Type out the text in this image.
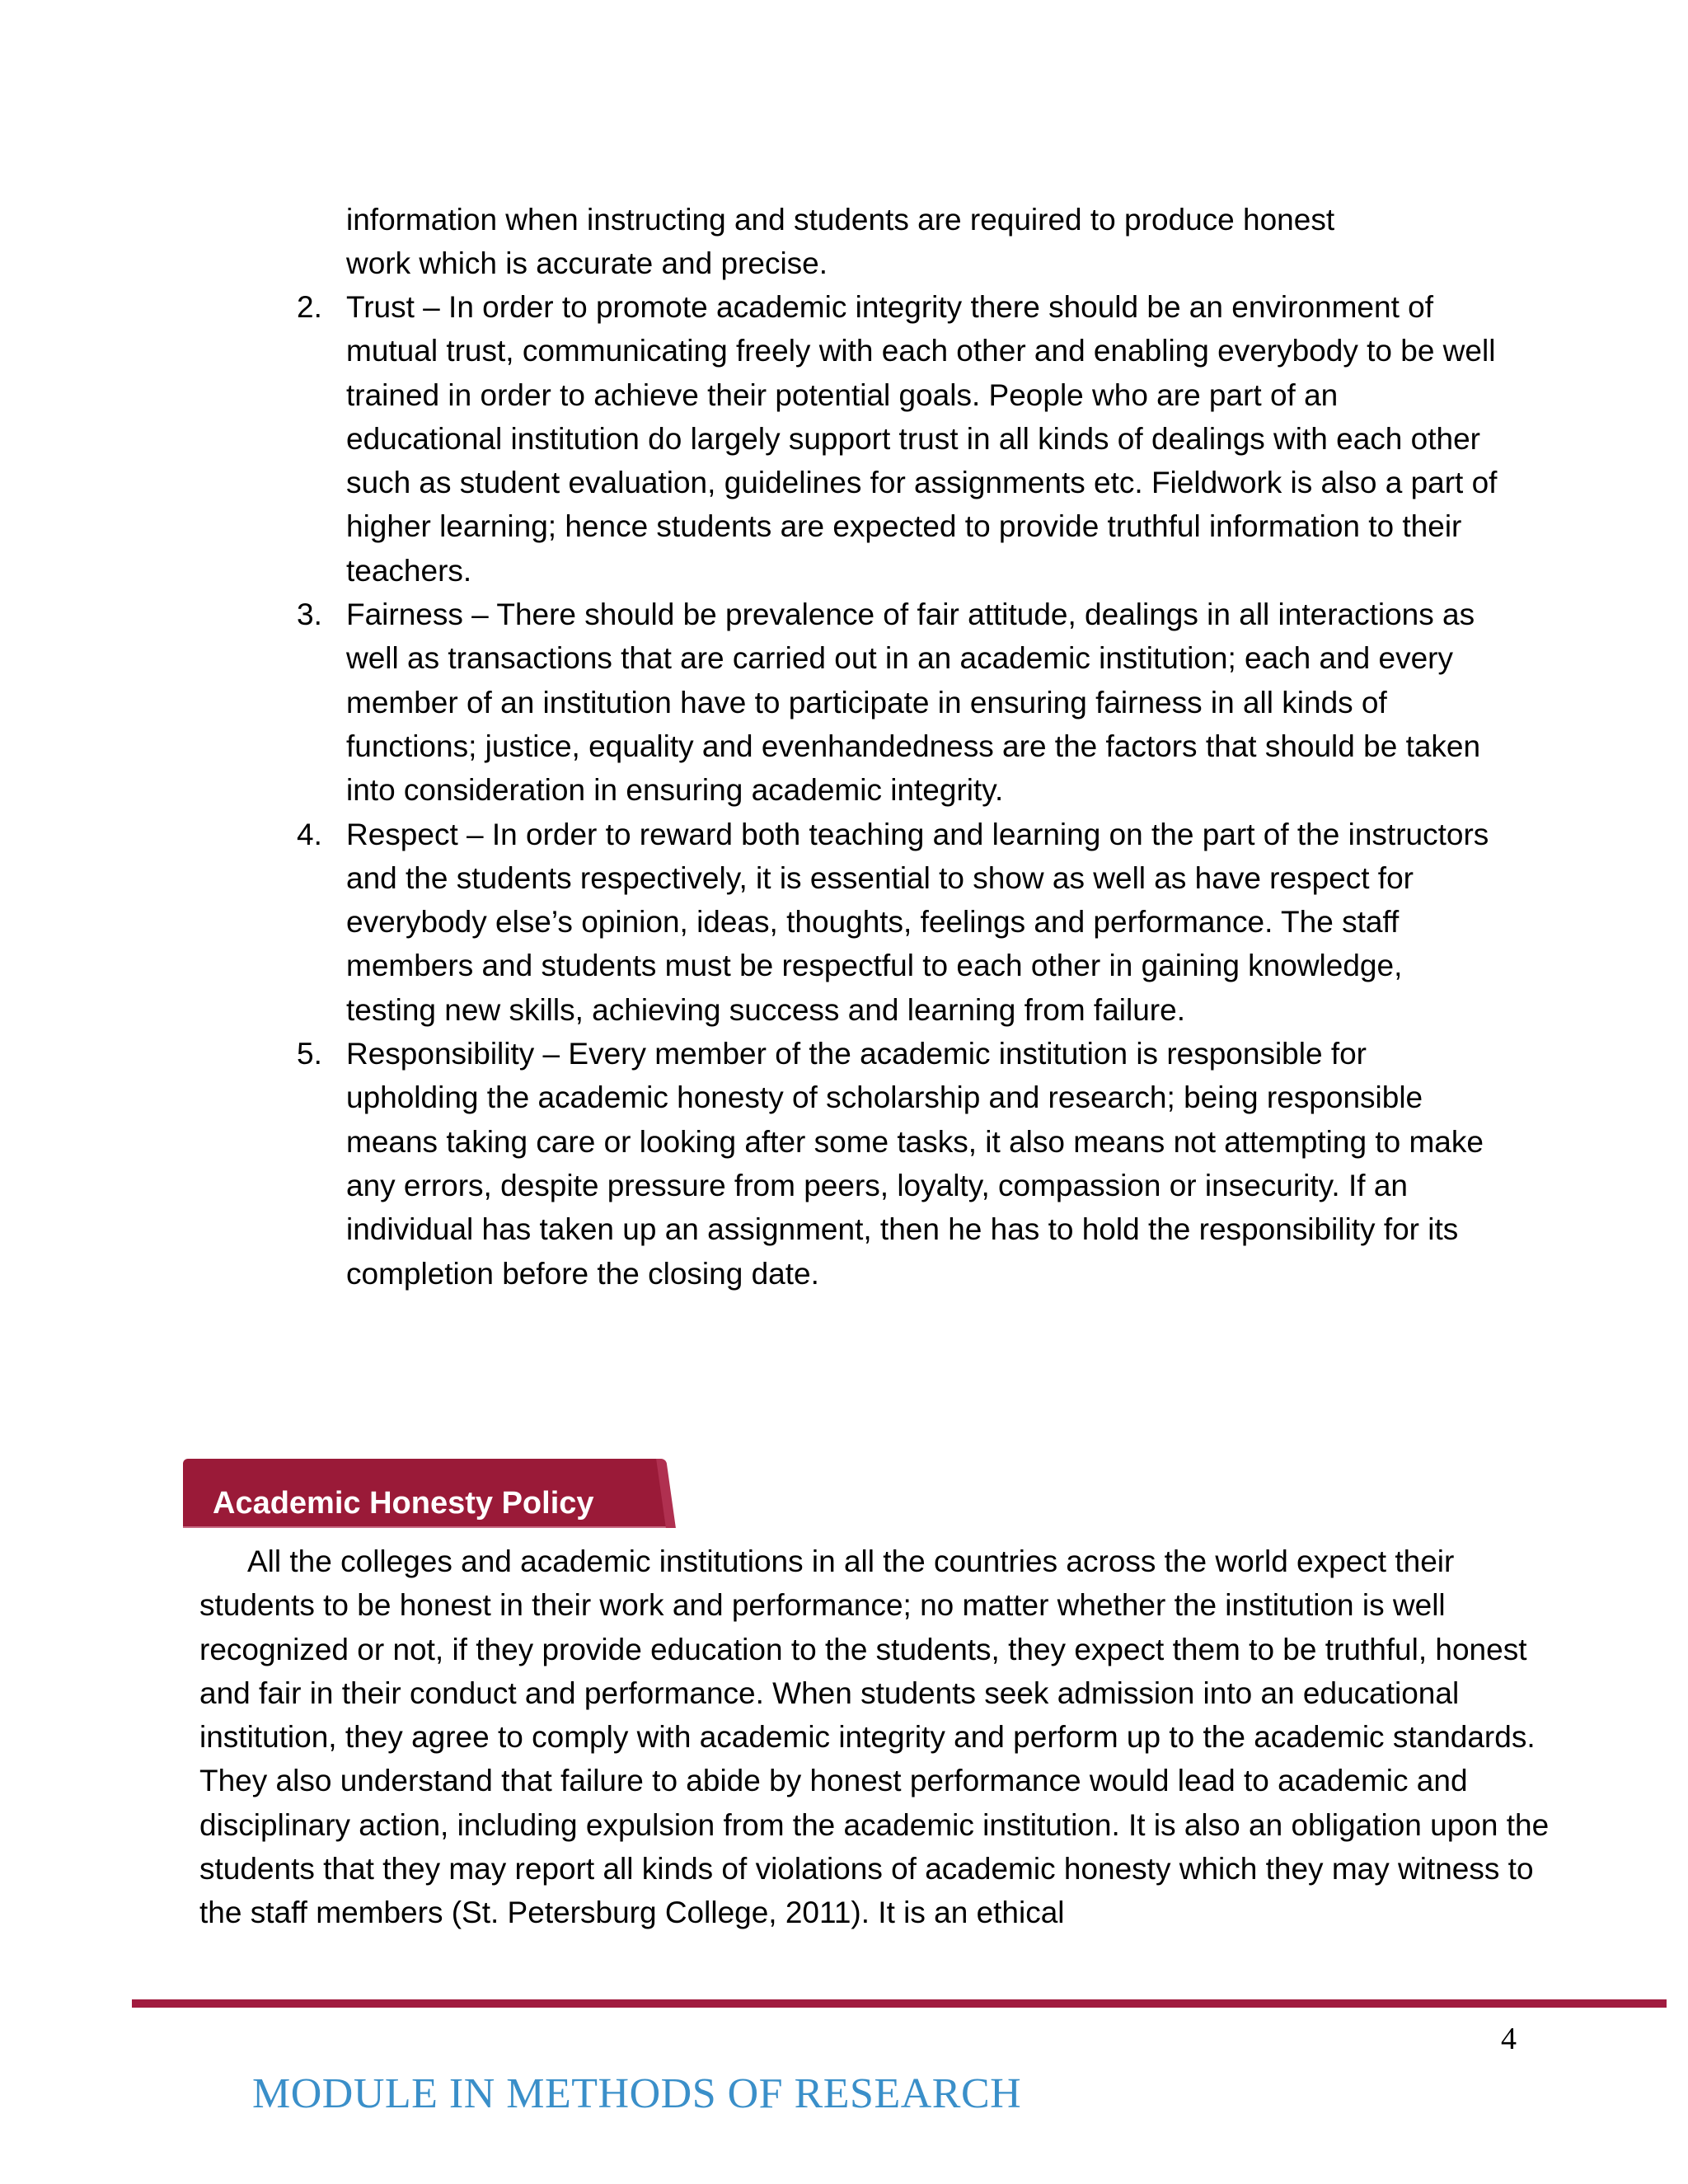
information when instructing and students are required to produce honest

work which is accurate and precise.

2. Trust – In order to promote academic integrity there should be an environment of mutual trust, communicating freely with each other and enabling everybody to be well trained in order to achieve their potential goals. People who are part of an educational institution do largely support trust in all kinds of dealings with each other such as student evaluation, guidelines for assignments etc. Fieldwork is also a part of higher learning; hence students are expected to provide truthful information to their teachers.
3. Fairness – There should be prevalence of fair attitude, dealings in all interactions as well as transactions that are carried out in an academic institution; each and every member of an institution have to participate in ensuring fairness in all kinds of functions; justice, equality and evenhandedness are the factors that should be taken into consideration in ensuring academic integrity.
4. Respect – In order to reward both teaching and learning on the part of the instructors and the students respectively, it is essential to show as well as have respect for everybody else’s opinion, ideas, thoughts, feelings and performance. The staff members and students must be respectful to each other in gaining knowledge, testing new skills, achieving success and learning from failure.
5. Responsibility – Every member of the academic institution is responsible for upholding the academic honesty of scholarship and research; being responsible means taking care or looking after some tasks, it also means not attempting to make any errors, despite pressure from peers, loyalty, compassion or insecurity. If an individual has taken up an assignment, then he has to hold the responsibility for its completion before the closing date.
Academic Honesty Policy

All the colleges and academic institutions in all the countries across the world expect their students to be honest in their work and performance; no matter whether the institution is well recognized or not, if they provide education to the students, they expect them to be truthful, honest and fair in their conduct and performance. When students seek admission into an educational institution, they agree to comply with academic integrity and perform up to the academic standards. They also understand that failure to abide by honest performance would lead to academic and disciplinary action, including expulsion from the academic institution. It is also an obligation upon the students that they may report all kinds of violations of academic honesty which they may witness to the staff members (St. Petersburg College, 2011). It is an ethical

4
MODULE IN METHODS OF RESEARCH
